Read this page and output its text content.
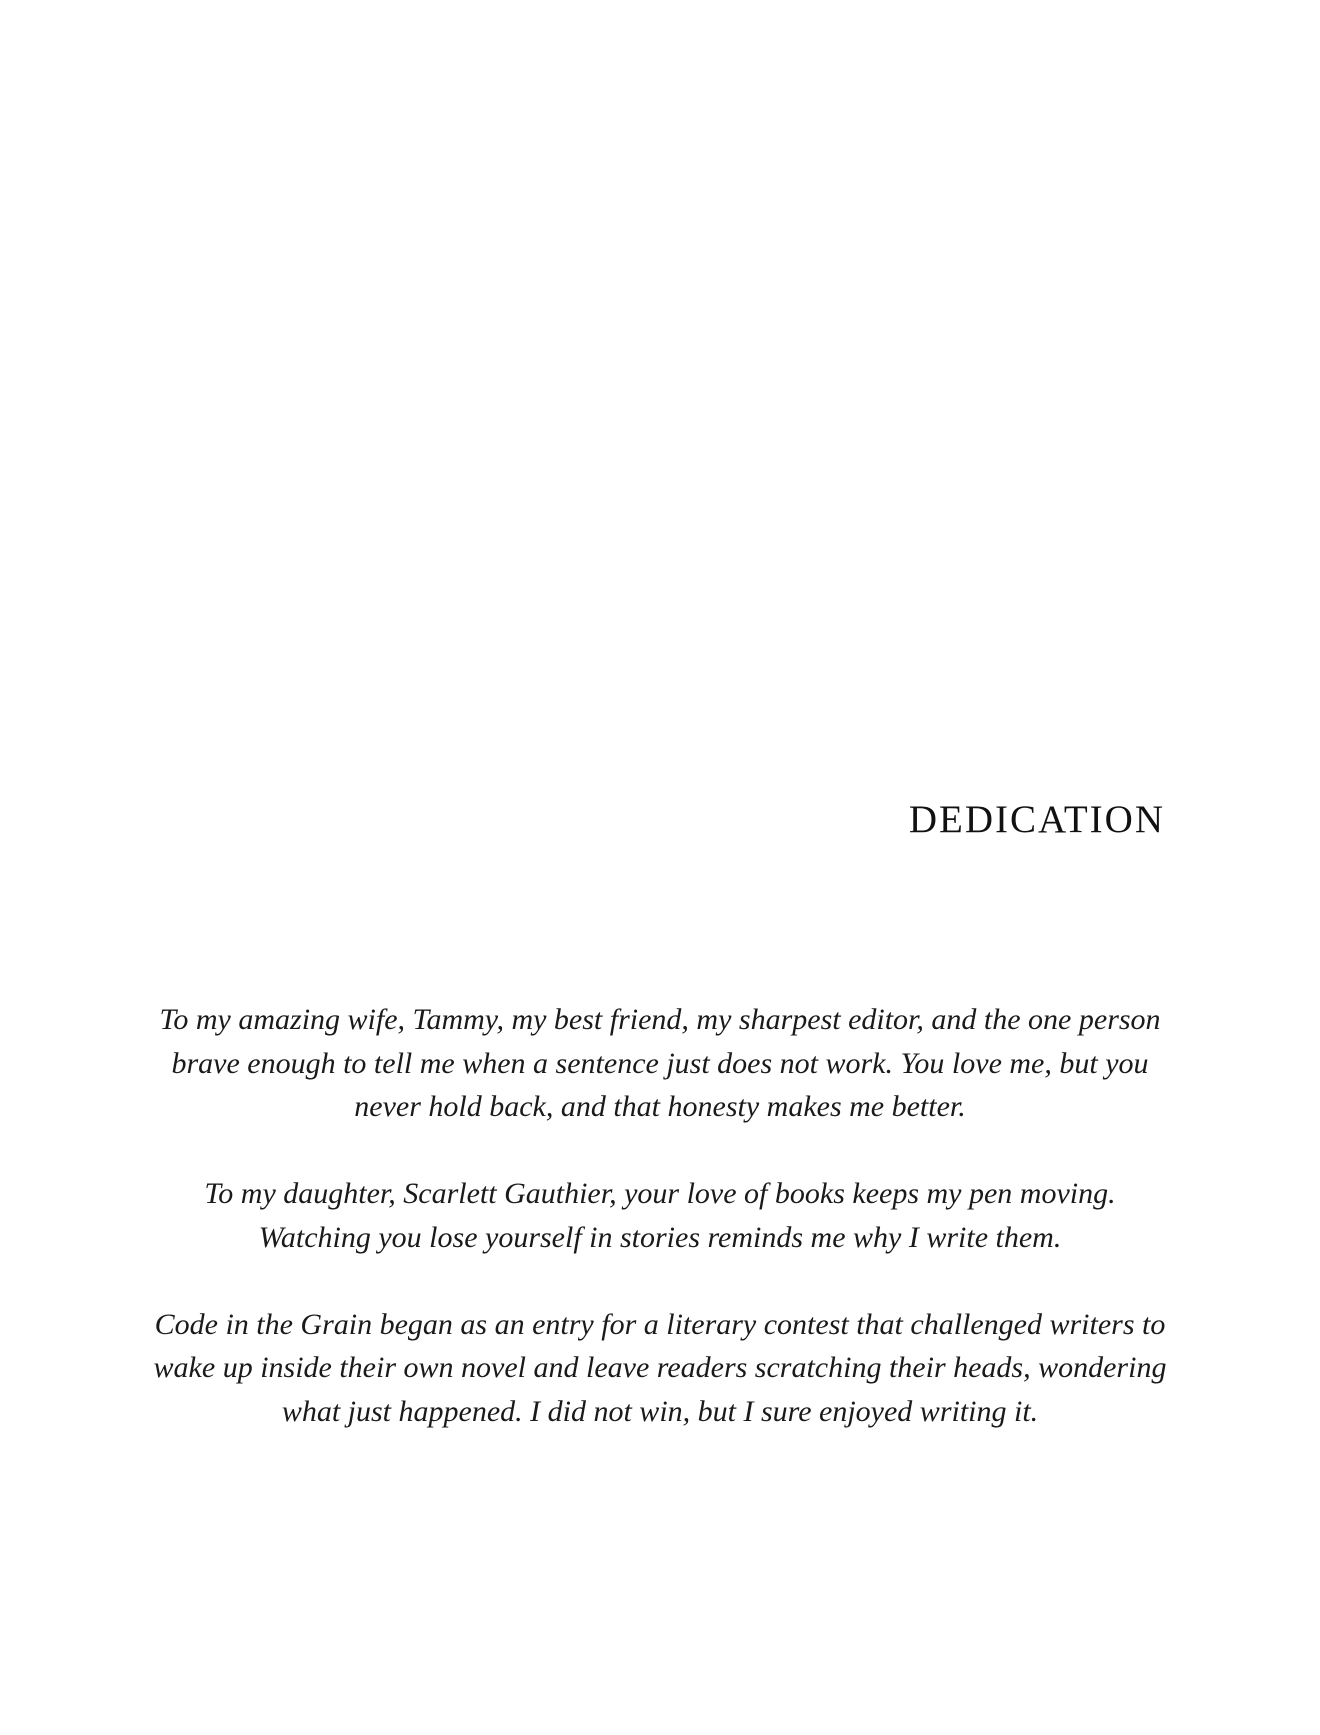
DEDICATION

To my amazing wife, Tammy, my best friend, my sharpest editor, and the one person brave enough to tell me when a sentence just does not work. You love me, but you never hold back, and that honesty makes me better.

To my daughter, Scarlett Gauthier, your love of books keeps my pen moving. Watching you lose yourself in stories reminds me why I write them.

Code in the Grain began as an entry for a literary contest that challenged writers to wake up inside their own novel and leave readers scratching their heads, wondering what just happened. I did not win, but I sure enjoyed writing it.
